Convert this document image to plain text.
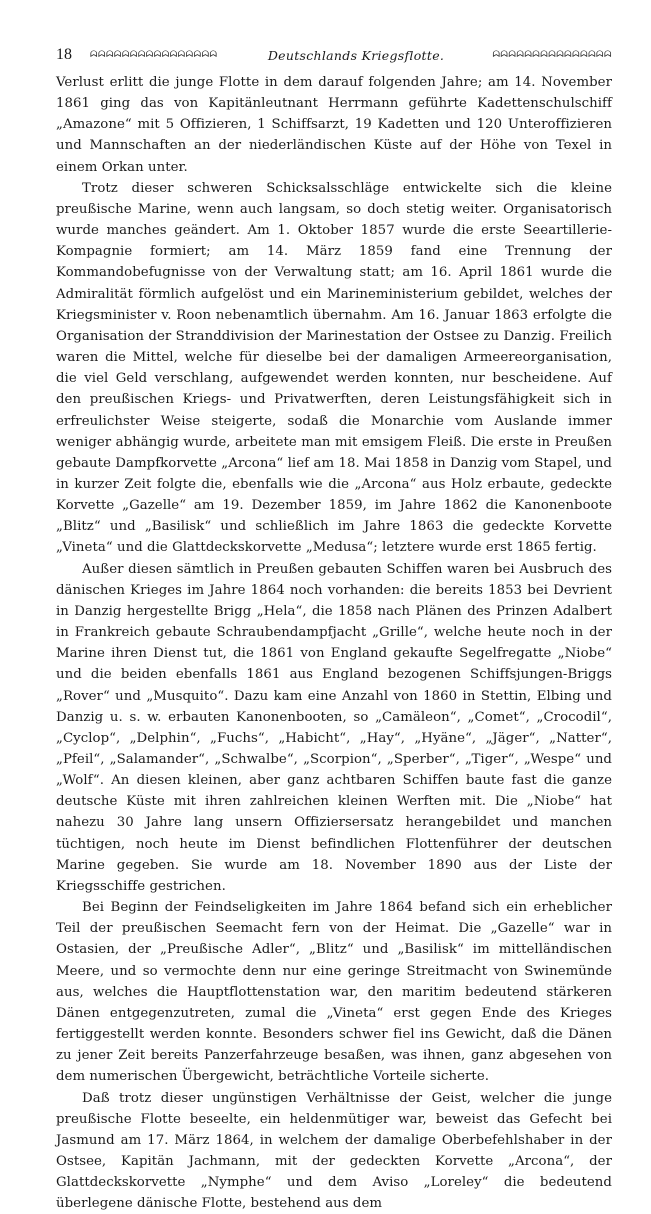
18	ᗣᗣᗣᗣᗣᗣᗣᗣᗣᗣᗣᗣᗣᗣᗣᗣ	Deutschlands Kriegsflotte.	ᗣᗣᗣᗣᗣᗣᗣᗣᗣᗣᗣᗣᗣᗣᗣ

Verlust erlitt die junge Flotte in dem darauf folgenden Jahre; am 14. November 1861 ging das von Kapitänleutnant Herrmann geführte Kadettenschulschiff „Amazone“ mit 5 Offizieren, 1 Schiffsarzt, 19 Kadetten und 120 Unteroffizieren und Mannschaften an der niederländischen Küste auf der Höhe von Texel in einem Orkan unter.

Trotz dieser schweren Schicksalsschläge entwickelte sich die kleine preußische Marine, wenn auch langsam, so doch stetig weiter. Organisatorisch wurde manches geändert. Am 1. Oktober 1857 wurde die erste Seeartillerie-Kompagnie formiert; am 14. März 1859 fand eine Trennung der Kommandobefugnisse von der Verwaltung statt; am 16. April 1861 wurde die Admiralität förmlich aufgelöst und ein Marineministerium gebildet, welches der Kriegsminister v. Roon nebenamtlich übernahm. Am 16. Januar 1863 erfolgte die Organisation der Stranddivision der Marinestation der Ostsee zu Danzig. Freilich waren die Mittel, welche für dieselbe bei der damaligen Armeereorganisation, die viel Geld verschlang, aufgewendet werden konnten, nur bescheidene. Auf den preußischen Kriegs- und Privatwerften, deren Leistungsfähigkeit sich in erfreulichster Weise steigerte, sodaß die Monarchie vom Auslande immer weniger abhängig wurde, arbeitete man mit emsigem Fleiß. Die erste in Preußen gebaute Dampfkorvette „Arcona“ lief am 18. Mai 1858 in Danzig vom Stapel, und in kurzer Zeit folgte die, ebenfalls wie die „Arcona“ aus Holz erbaute, gedeckte Korvette „Gazelle“ am 19. Dezember 1859, im Jahre 1862 die Kanonenboote „Blitz“ und „Basilisk“ und schließlich im Jahre 1863 die gedeckte Korvette „Vineta“ und die Glattdeckskorvette „Medusa“; letztere wurde erst 1865 fertig.

Außer diesen sämtlich in Preußen gebauten Schiffen waren bei Ausbruch des dänischen Krieges im Jahre 1864 noch vorhanden: die bereits 1853 bei Devrient in Danzig hergestellte Brigg „Hela“, die 1858 nach Plänen des Prinzen Adalbert in Frankreich gebaute Schraubendampfjacht „Grille“, welche heute noch in der Marine ihren Dienst tut, die 1861 von England gekaufte Segelfregatte „Niobe“ und die beiden ebenfalls 1861 aus England bezogenen Schiffsjungen-Briggs „Rover“ und „Musquito“. Dazu kam eine Anzahl von 1860 in Stettin, Elbing und Danzig u. s. w. erbauten Kanonenbooten, so „Camäleon“, „Comet“, „Crocodil“, „Cyclop“, „Delphin“, „Fuchs“, „Habicht“, „Hay“, „Hyäne“, „Jäger“, „Natter“, „Pfeil“, „Salamander“, „Schwalbe“, „Scorpion“, „Sperber“, „Tiger“, „Wespe“ und „Wolf“. An diesen kleinen, aber ganz achtbaren Schiffen baute fast die ganze deutsche Küste mit ihren zahlreichen kleinen Werften mit. Die „Niobe“ hat nahezu 30 Jahre lang unsern Offiziersersatz herangebildet und manchen tüchtigen, noch heute im Dienst befindlichen Flottenführer der deutschen Marine gegeben. Sie wurde am 18. November 1890 aus der Liste der Kriegsschiffe gestrichen.

Bei Beginn der Feindseligkeiten im Jahre 1864 befand sich ein erheblicher Teil der preußischen Seemacht fern von der Heimat. Die „Gazelle“ war in Ostasien, der „Preußische Adler“, „Blitz“ und „Basilisk“ im mittelländischen Meere, und so vermochte denn nur eine geringe Streitmacht von Swinemünde aus, welches die Hauptflottenstation war, den maritim bedeutend stärkeren Dänen entgegenzutreten, zumal die „Vineta“ erst gegen Ende des Krieges fertiggestellt werden konnte. Besonders schwer fiel ins Gewicht, daß die Dänen zu jener Zeit bereits Panzerfahrzeuge besaßen, was ihnen, ganz abgesehen von dem numerischen Übergewicht, beträchtliche Vorteile sicherte.

Daß trotz dieser ungünstigen Verhältnisse der Geist, welcher die junge preußische Flotte beseelte, ein heldenmütiger war, beweist das Gefecht bei Jasmund am 17. März 1864, in welchem der damalige Oberbefehlshaber in der Ostsee, Kapitän Jachmann, mit der gedeckten Korvette „Arcona“, der Glattdeckskorvette „Nymphe“ und dem Aviso „Loreley“ die bedeutend überlegene dänische Flotte, bestehend aus dem
